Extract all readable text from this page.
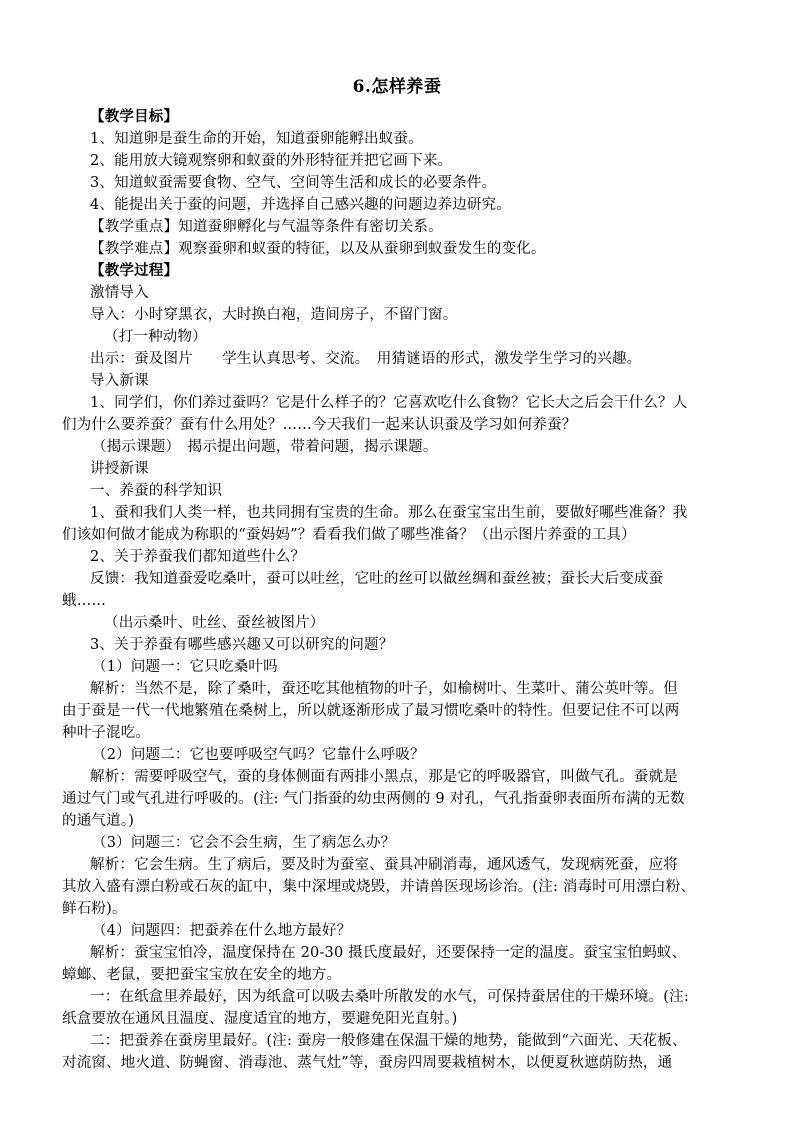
6.怎样养蚕
【教学目标】
1、知道卵是蚕生命的开始，知道蚕卵能孵出蚁蚕。
2、能用放大镜观察卵和蚁蚕的外形特征并把它画下来。
3、知道蚁蚕需要食物、空气、空间等生活和成长的必要条件。
4、能提出关于蚕的问题，并选择自己感兴趣的问题边养边研究。
【教学重点】知道蚕卵孵化与气温等条件有密切关系。
【教学难点】观察蚕卵和蚁蚕的特征，以及从蚕卵到蚁蚕发生的变化。
【教学过程】
激情导入
导入：小时穿黑衣，大时换白袍，造间房子，不留门窗。
（打一种动物）
出示：蚕及图片　　学生认真思考、交流。　用猜谜语的形式，激发学生学习的兴趣。
导入新课
1、同学们，你们养过蚕吗？它是什么样子的？它喜欢吃什么食物？它长大之后会干什么？人
们为什么要养蚕？蚕有什么用处？……今天我们一起来认识蚕及学习如何养蚕？
（揭示课题）　揭示提出问题，带着问题，揭示课题。
讲授新课
一、养蚕的科学知识
1、蚕和我们人类一样，也共同拥有宝贵的生命。那么在蚕宝宝出生前，要做好哪些准备？我
们该如何做才能成为称职的“蚕妈妈”？看看我们做了哪些准备？（出示图片养蚕的工具）
2、关于养蚕我们都知道些什么？
反馈：我知道蚕爱吃桑叶，蚕可以吐丝，它吐的丝可以做丝绸和蚕丝被；蚕长大后变成蚕
蛾……
（出示桑叶、吐丝、蚕丝被图片）
3、关于养蚕有哪些感兴趣又可以研究的问题？
（1）问题一：它只吃桑叶吗
解析：当然不是，除了桑叶，蚕还吃其他植物的叶子，如榆树叶、生菜叶、蒲公英叶等。但
由于蚕是一代一代地繁殖在桑树上，所以就逐渐形成了最习惯吃桑叶的特性。但要记住不可以两
种叶子混吃。
（2）问题二：它也要呼吸空气吗？它靠什么呼吸？
解析：需要呼吸空气，蚕的身体侧面有两排小黑点，那是它的呼吸器官，叫做气孔。蚕就是
通过气门或气孔进行呼吸的。(注: 气门指蚕的幼虫两侧的 9 对孔，气孔指蚕卵表面所布满的无数
的通气道。)
（3）问题三：它会不会生病，生了病怎么办？
解析：它会生病。生了病后，要及时为蚕室、蚕具冲刷消毒，通风透气，发现病死蚕，应将
其放入盛有漂白粉或石灰的缸中，集中深埋或烧毁，并请兽医现场诊治。(注: 消毒时可用漂白粉、
鲜石粉)。
（4）问题四：把蚕养在什么地方最好？
解析：蚕宝宝怕冷，温度保持在 20-30 摄氏度最好，还要保持一定的温度。蚕宝宝怕蚂蚁、
蟑螂、老鼠，要把蚕宝宝放在安全的地方。
一：在纸盒里养最好，因为纸盒可以吸去桑叶所散发的水气，可保持蚕居住的干燥环境。(注:
纸盒要放在通风且温度、湿度适宜的地方，要避免阳光直射。)
二：把蚕养在蚕房里最好。(注: 蚕房一般修建在保温干燥的地势，能做到“六面光、天花板、
对流窗、地火道、防蝇窗、消毒池、蒸气灶”等，蚕房四周要栽植树木，以便夏秋遮荫防热，通
